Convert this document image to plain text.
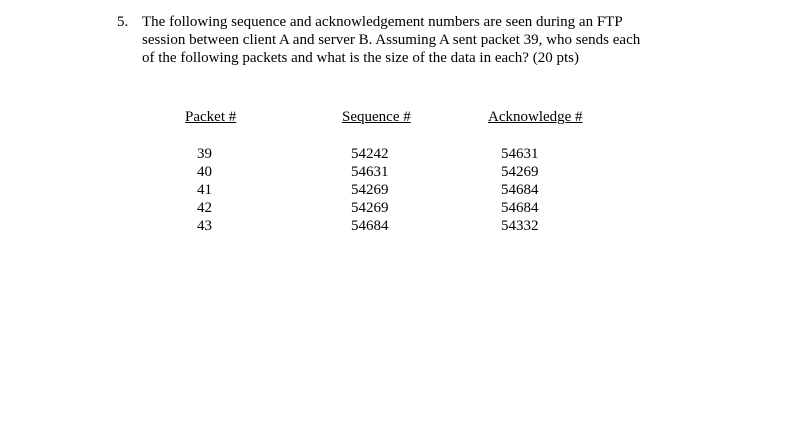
5. The following sequence and acknowledgement numbers are seen during an FTP
session between client A and server B. Assuming A sent packet 39, who sends each
of the following packets and what is the size of the data in each? (20 pts)
Packet #
39
40
41
42
43
Sequence #
54242
54631
54269
54269
54684
Acknowledge #
54631
54269
54684
54684
54332
